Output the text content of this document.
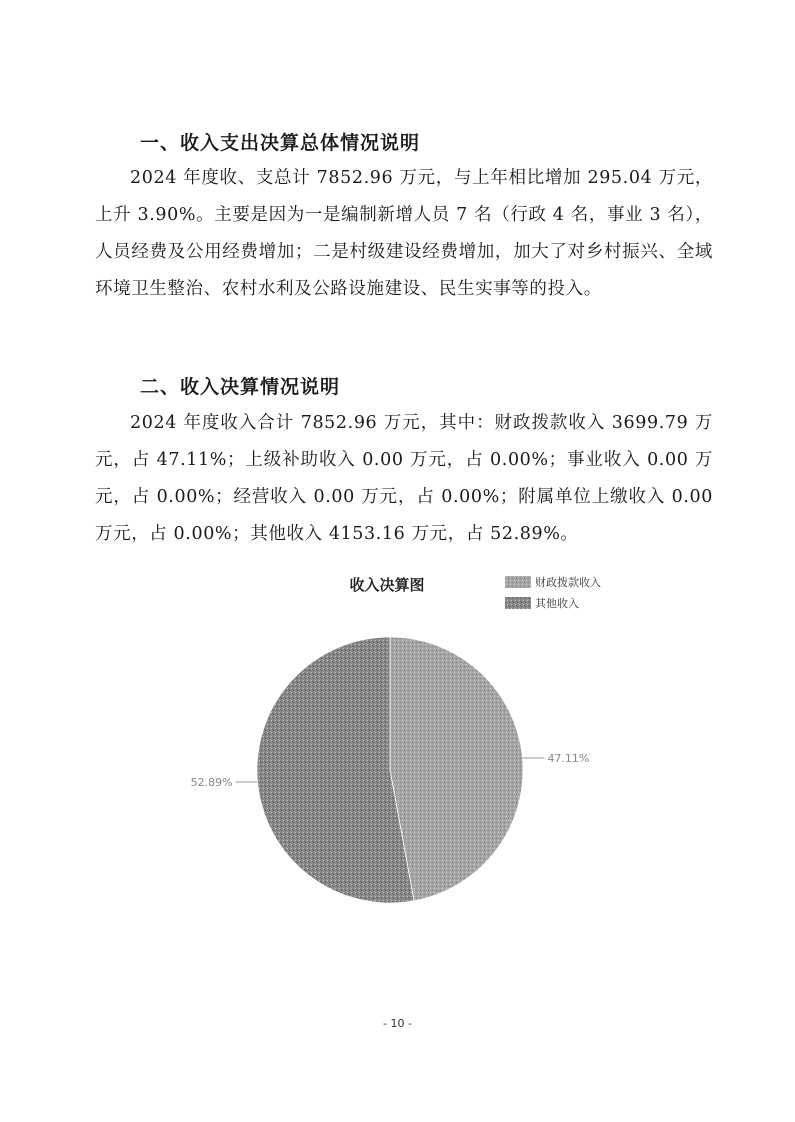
一、收入支出决算总体情况说明

2024 年度收、支总计 7852.96 万元，与上年相比增加 295.04 万元，上升 3.90%。主要是因为一是编制新增人员 7 名（行政 4 名，事业 3 名），人员经费及公用经费增加；二是村级建设经费增加，加大了对乡村振兴、全域环境卫生整治、农村水利及公路设施建设、民生实事等的投入。

二、收入决算情况说明

2024 年度收入合计 7852.96 万元，其中：财政拨款收入 3699.79 万元，占 47.11%；上级补助收入 0.00 万元，占 0.00%；事业收入 0.00 万元，占 0.00%；经营收入 0.00 万元，占 0.00%；附属单位上缴收入 0.00 万元，占 0.00%；其他收入 4153.16 万元，占 52.89%。

收入决算图	财政拨款收入
其他收入
47.11%
52.89%
- 10 -
